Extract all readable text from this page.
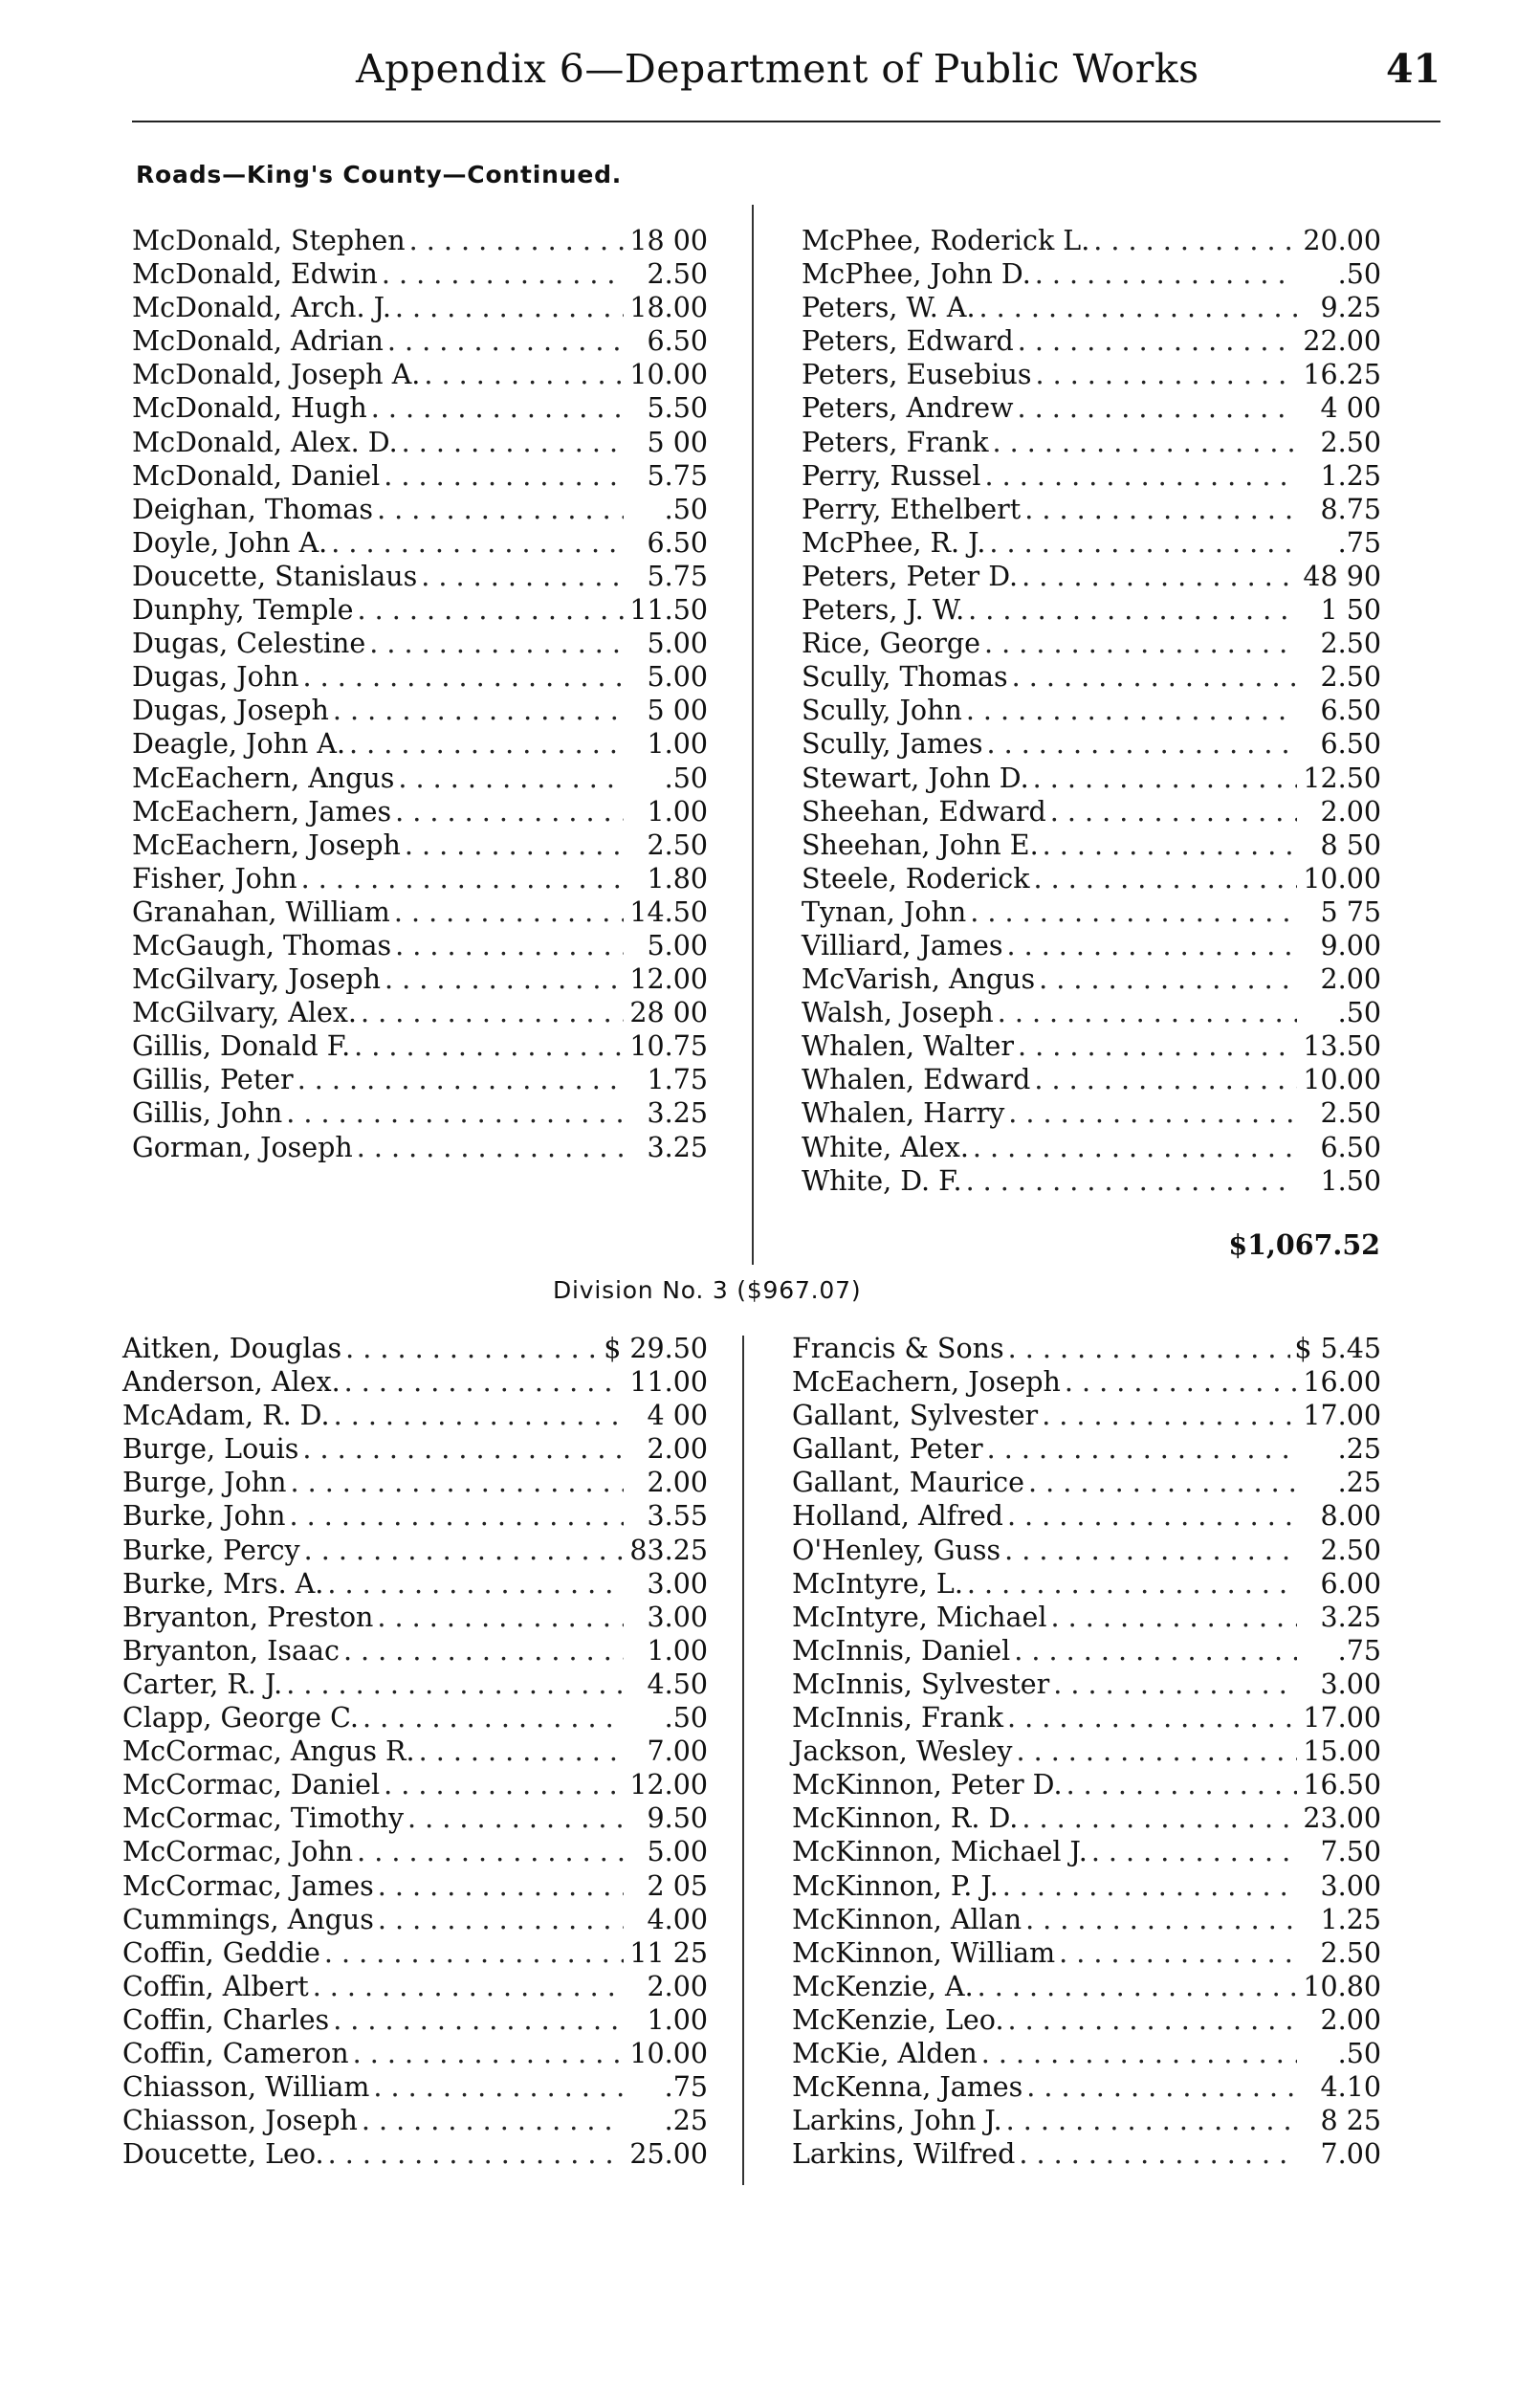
Appendix 6—Department of Public Works	41
Roads—King's County—Continued.
McDonald, Stephen . . .	18 00
McDonald, Edwin . . .	2.50
McDonald, Arch. J. . . .	18.00
McDonald, Adrian . . .	6.50
McDonald, Joseph A. . . .	10.00
McDonald, Hugh . . .	5.50
McDonald, Alex. D. . . .	5 00
McDonald, Daniel . . .	5.75
Deighan, Thomas . . .	.50
Doyle, John A. . . .	6.50
Doucette, Stanislaus . . .	5.75
Dunphy, Temple . . .	11.50
Dugas, Celestine . . .	5.00
Dugas, John . . .	5.00
Dugas, Joseph . . .	5 00
Deagle, John A. . . .	1.00
McEachern, Angus . . .	.50
McEachern, James . . .	1.00
McEachern, Joseph . . .	2.50
Fisher, John . . .	1.80
Granahan, William . . .	14.50
McGaugh, Thomas . . .	5.00
McGilvary, Joseph . . .	12.00
McGilvary, Alex. . . .	28 00
Gillis, Donald F. . . .	10.75
Gillis, Peter . . .	1.75
Gillis, John . . .	3.25
Gorman, Joseph . . .	3.25
McPhee, Roderick L. . . .	20.00
McPhee, John D. . . .	.50
Peters, W. A. . . .	9.25
Peters, Edward . . .	22.00
Peters, Eusebius . . .	16.25
Peters, Andrew . . .	4 00
Peters, Frank . . .	2.50
Perry, Russel . . .	1.25
Perry, Ethelbert . . .	8.75
McPhee, R. J. . . .	.75
Peters, Peter D. . . .	48 90
Peters, J. W. . . .	1 50
Rice, George . . .	2.50
Scully, Thomas . . .	2.50
Scully, John . . .	6.50
Scully, James . . .	6.50
Stewart, John D. . . .	12.50
Sheehan, Edward . . .	2.00
Sheehan, John E. . . .	8 50
Steele, Roderick . . .	10.00
Tynan, John . . .	5 75
Villiard, James . . .	9.00
McVarish, Angus . . .	2.00
Walsh, Joseph . . .	.50
Whalen, Walter . . .	13.50
Whalen, Edward . . .	10.00
Whalen, Harry . . .	2.50
White, Alex. . . .	6.50
White, D. F. . . .	1.50
$1,067.52
Division No. 3 ($967.07)
Aitken, Douglas . . .	$ 29.50
Anderson, Alex. . . .	11.00
McAdam, R. D. . . .	4 00
Burge, Louis . . .	2.00
Burge, John . . .	2.00
Burke, John . . .	3.55
Burke, Percy . . .	83.25
Burke, Mrs. A. . . .	3.00
Bryanton, Preston . . .	3.00
Bryanton, Isaac . . .	1.00
Carter, R. J. . . .	4.50
Clapp, George C. . . .	.50
McCormac, Angus R. . . .	7.00
McCormac, Daniel . . .	12.00
McCormac, Timothy . . .	9.50
McCormac, John . . .	5.00
McCormac, James . . .	2 05
Cummings, Angus . . .	4.00
Coffin, Geddie . . .	11 25
Coffin, Albert . . .	2.00
Coffin, Charles . . .	1.00
Coffin, Cameron . . .	10.00
Chiasson, William . . .	.75
Chiasson, Joseph . . .	.25
Doucette, Leo. . . .	25.00
Francis & Sons . . .	$ 5.45
McEachern, Joseph . . .	16.00
Gallant, Sylvester . . .	17.00
Gallant, Peter . . .	.25
Gallant, Maurice . . .	.25
Holland, Alfred . . .	8.00
O'Henley, Guss . . .	2.50
McIntyre, L. . . .	6.00
McIntyre, Michael . . .	3.25
McInnis, Daniel . . .	.75
McInnis, Sylvester . . .	3.00
McInnis, Frank . . .	17.00
Jackson, Wesley . . .	15.00
McKinnon, Peter D. . . .	16.50
McKinnon, R. D. . . .	23.00
McKinnon, Michael J. . . .	7.50
McKinnon, P. J. . . .	3.00
McKinnon, Allan . . .	1.25
McKinnon, William . . .	2.50
McKenzie, A. . . .	10.80
McKenzie, Leo. . . .	2.00
McKie, Alden . . .	.50
McKenna, James . . .	4.10
Larkins, John J. . . .	8 25
Larkins, Wilfred . . .	7.00
